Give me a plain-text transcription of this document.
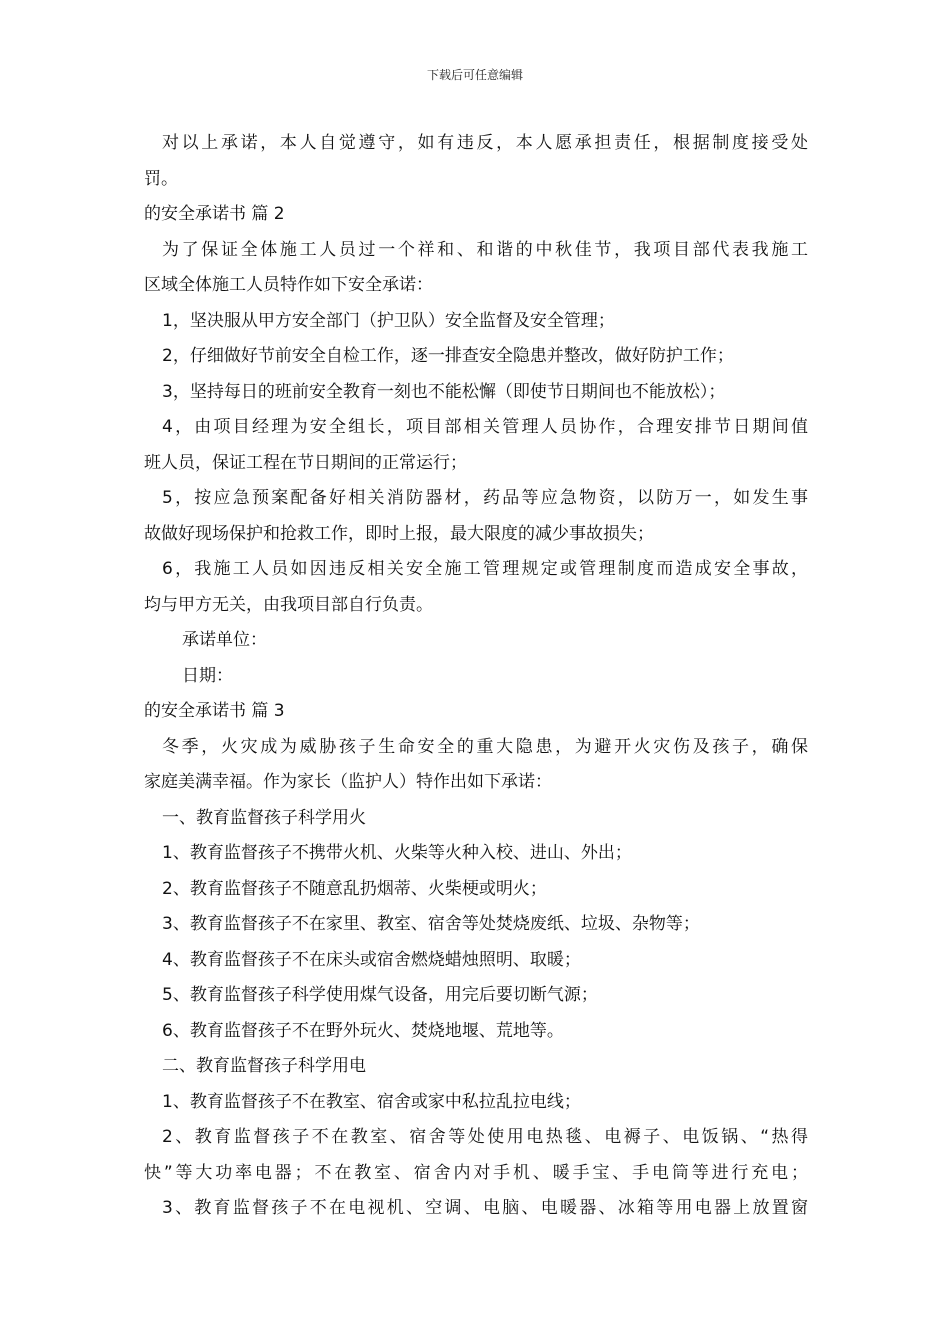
下载后可任意编辑

对以上承诺，本人自觉遵守，如有违反，本人愿承担责任，根据制度接受处

罚。

的安全承诺书 篇 2

为了保证全体施工人员过一个祥和、和谐的中秋佳节，我项目部代表我施工

区域全体施工人员特作如下安全承诺：

1，坚决服从甲方安全部门（护卫队）安全监督及安全管理；

2，仔细做好节前安全自检工作，逐一排查安全隐患并整改，做好防护工作；

3，坚持每日的班前安全教育一刻也不能松懈（即使节日期间也不能放松）；

4，由项目经理为安全组长，项目部相关管理人员协作，合理安排节日期间值

班人员，保证工程在节日期间的正常运行；

5，按应急预案配备好相关消防器材，药品等应急物资，以防万一，如发生事

故做好现场保护和抢救工作，即时上报，最大限度的减少事故损失；

6，我施工人员如因违反相关安全施工管理规定或管理制度而造成安全事故，

均与甲方无关，由我项目部自行负责。

承诺单位：

日期：

的安全承诺书 篇 3

冬季，火灾成为威胁孩子生命安全的重大隐患，为避开火灾伤及孩子，确保

家庭美满幸福。作为家长（监护人）特作出如下承诺：

一、教育监督孩子科学用火

1、教育监督孩子不携带火机、火柴等火种入校、进山、外出；

2、教育监督孩子不随意乱扔烟蒂、火柴梗或明火；

3、教育监督孩子不在家里、教室、宿舍等处焚烧废纸、垃圾、杂物等；

4、教育监督孩子不在床头或宿舍燃烧蜡烛照明、取暖；

5、教育监督孩子科学使用煤气设备，用完后要切断气源；

6、教育监督孩子不在野外玩火、焚烧地堰、荒地等。

二、教育监督孩子科学用电

1、教育监督孩子不在教室、宿舍或家中私拉乱拉电线；

2、教育监督孩子不在教室、宿舍等处使用电热毯、电褥子、电饭锅、“热得

快”等大功率电器；不在教室、宿舍内对手机、暖手宝、手电筒等进行充电；

3、教育监督孩子不在电视机、空调、电脑、电暖器、冰箱等用电器上放置窗
